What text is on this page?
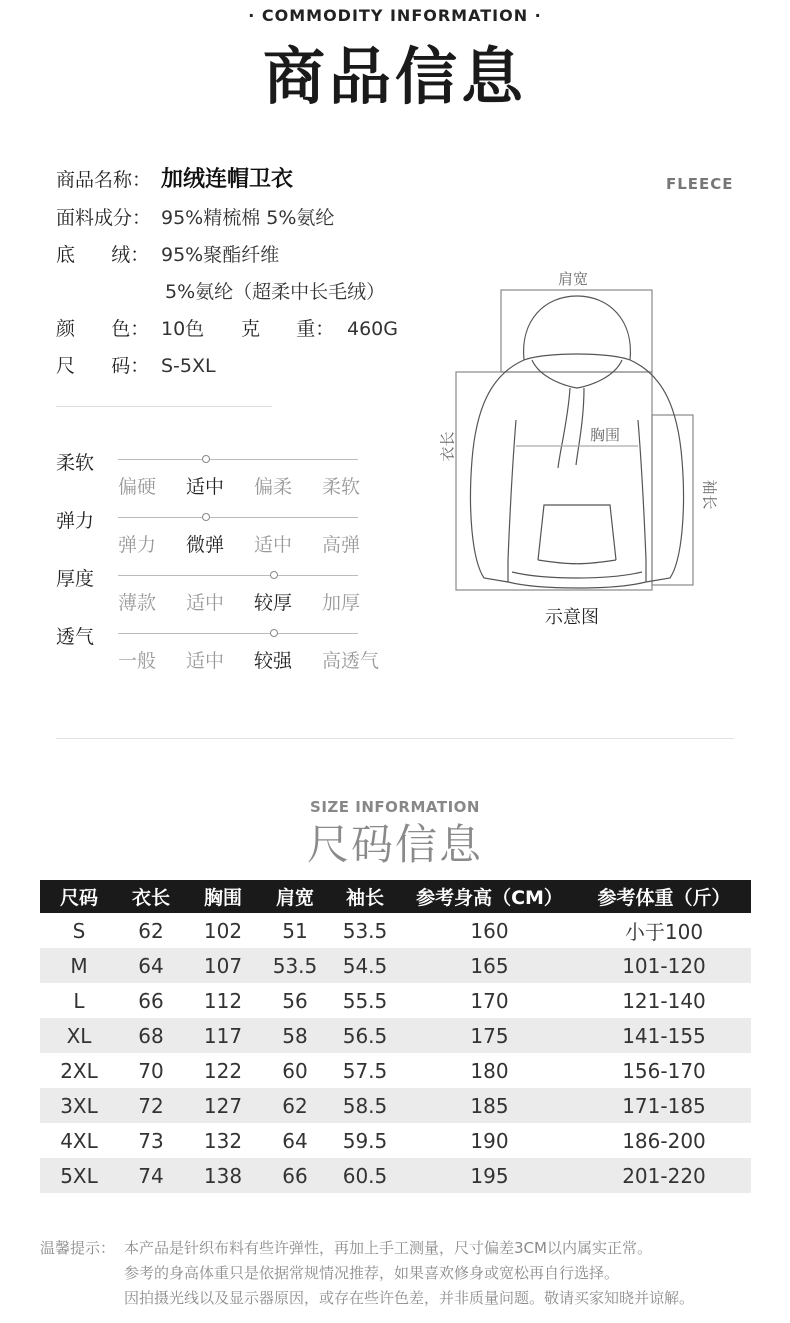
· COMMODITY INFORMATION ·
商品信息
商品名称： 加绒连帽卫衣	FLEECE
面料成分： 95%精梳棉 5%氨纶
底      绒： 95%聚酯纤维
5%氨纶（超柔中长毛绒）
颜      色： 10色 克      重： 460G
尺      码： S-5XL
柔软
偏硬	适中	偏柔	柔软
弹力
弹力	微弹	适中	高弹
厚度
薄款	适中	较厚	加厚
透气
一般	适中	较强	高透气
肩宽
胸围
衣长
袖长
示意图
SIZE INFORMATION
尺码信息
尺码	衣长	胸围	肩宽	袖长	参考身高（CM）	参考体重（斤）
S	62	102	51	53.5	160	小于100
M	64	107	53.5	54.5	165	101-120
L	66	112	56	55.5	170	121-140
XL	68	117	58	56.5	175	141-155
2XL	70	122	60	57.5	180	156-170
3XL	72	127	62	58.5	185	171-185
4XL	73	132	64	59.5	190	186-200
5XL	74	138	66	60.5	195	201-220
温馨提示： 本产品是针织布料有些许弹性，再加上手工测量，尺寸偏差3CM以内属实正常。
参考的身高体重只是依据常规情况推荐，如果喜欢修身或宽松再自行选择。
因拍摄光线以及显示器原因，或存在些许色差，并非质量问题。敬请买家知晓并谅解。
